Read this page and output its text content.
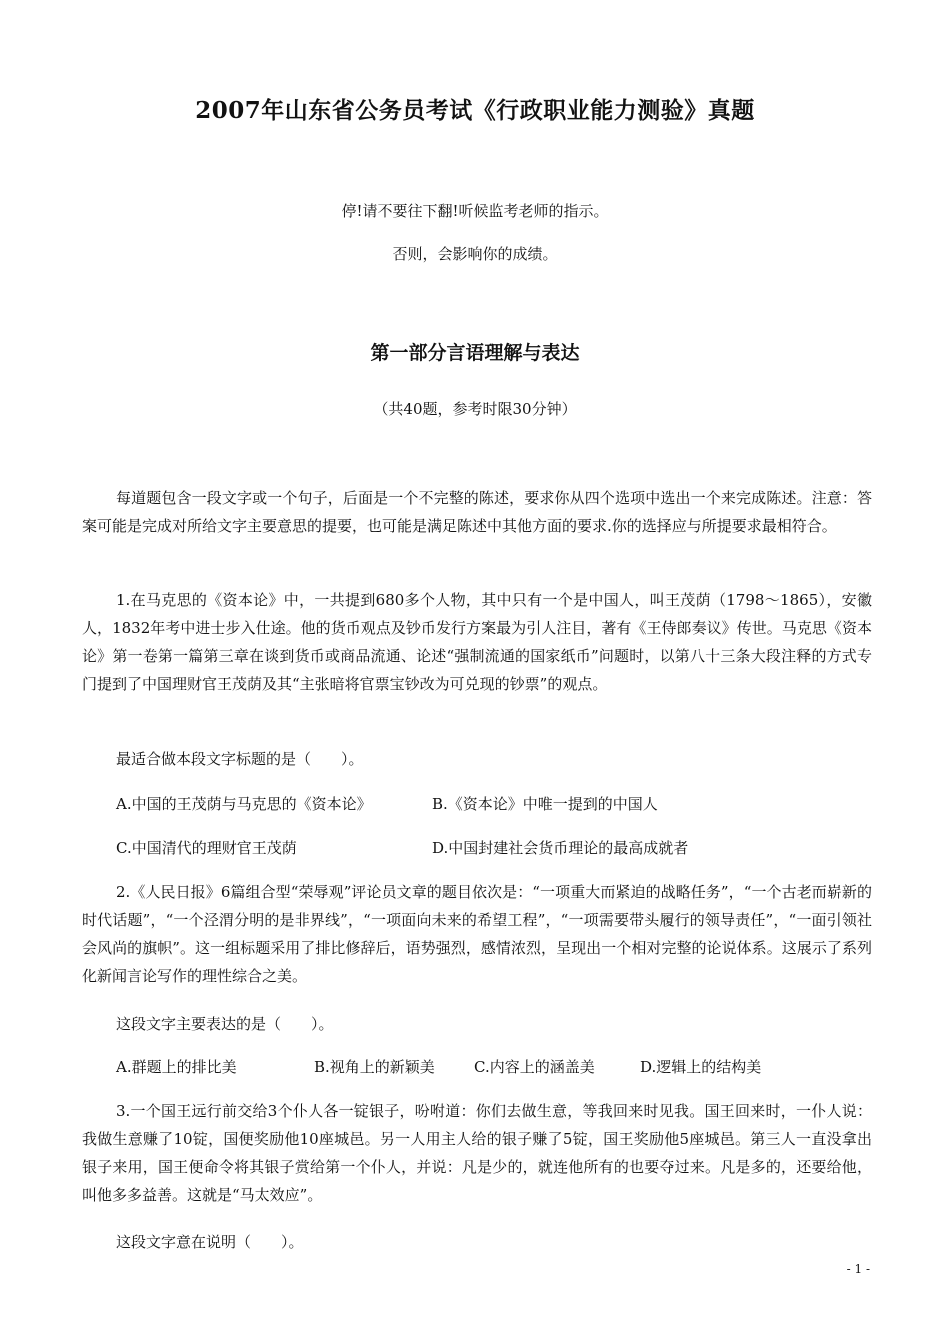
2007年山东省公务员考试《行政职业能力测验》真题
停!请不要往下翻!听候监考老师的指示。
否则，会影响你的成绩。
第一部分言语理解与表达
（共40题，参考时限30分钟）
每道题包含一段文字或一个句子，后面是一个不完整的陈述，要求你从四个选项中选出一个来完成陈述。注意：答案可能是完成对所给文字主要意思的提要，也可能是满足陈述中其他方面的要求.你的选择应与所提要求最相符合。
1.在马克思的《资本论》中，一共提到680多个人物，其中只有一个是中国人，叫王茂荫（1798～1865），安徽人，1832年考中进士步入仕途。他的货币观点及钞币发行方案最为引人注目，著有《王侍郎奏议》传世。马克思《资本论》第一卷第一篇第三章在谈到货币或商品流通、论述“强制流通的国家纸币”问题时，以第八十三条大段注释的方式专门提到了中国理财官王茂荫及其“主张暗将官票宝钞改为可兑现的钞票”的观点。
最适合做本段文字标题的是（　　）。
A.中国的王茂荫与马克思的《资本论》	B.《资本论》中唯一提到的中国人
C.中国清代的理财官王茂荫	D.中国封建社会货币理论的最高成就者
2.《人民日报》6篇组合型“荣辱观”评论员文章的题目依次是：“一项重大而紧迫的战略任务”，“一个古老而崭新的时代话题”，“一个泾渭分明的是非界线”，“一项面向未来的希望工程”，“一项需要带头履行的领导责任”，“一面引领社会风尚的旗帜”。这一组标题采用了排比修辞后，语势强烈，感情浓烈，呈现出一个相对完整的论说体系。这展示了系列化新闻言论写作的理性综合之美。
这段文字主要表达的是（　　）。
A.群题上的排比美	B.视角上的新颖美	C.内容上的涵盖美	D.逻辑上的结构美
3.一个国王远行前交给3个仆人各一锭银子，吩咐道：你们去做生意，等我回来时见我。国王回来时，一仆人说：我做生意赚了10锭，国便奖励他10座城邑。另一人用主人给的银子赚了5锭，国王奖励他5座城邑。第三人一直没拿出银子来用，国王便命令将其银子赏给第一个仆人，并说：凡是少的，就连他所有的也要夺过来。凡是多的，还要给他，叫他多多益善。这就是“马太效应”。
这段文字意在说明（　　）。
- 1 -
